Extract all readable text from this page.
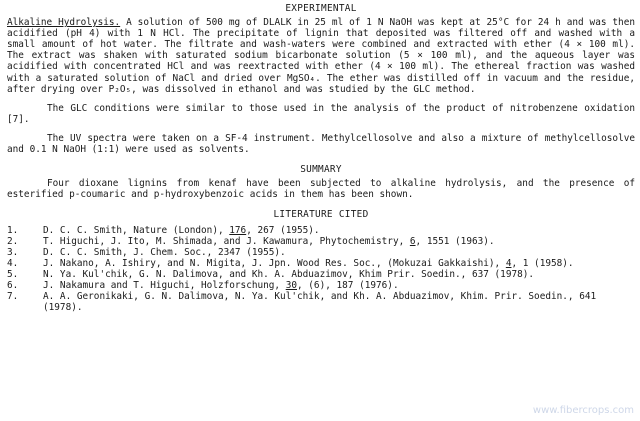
EXPERIMENTAL

Alkaline Hydrolysis. A solution of 500 mg of DLALK in 25 ml of 1 N NaOH was kept at 25°C for 24 h and was then acidified (pH 4) with 1 N HCl. The precipitate of lignin that deposited was filtered off and washed with a small amount of hot water. The filtrate and wash-waters were combined and extracted with ether (4 × 100 ml). The extract was shaken with saturated sodium bicarbonate solution (5 × 100 ml), and the aqueous layer was acidified with concentrated HCl and was reextracted with ether (4 × 100 ml). The ethereal fraction was washed with a saturated solution of NaCl and dried over MgSO₄. The ether was distilled off in vacuum and the residue, after drying over P₂O₅, was dissolved in ethanol and was studied by the GLC method.

The GLC conditions were similar to those used in the analysis of the product of nitrobenzene oxidation [7].

The UV spectra were taken on a SF-4 instrument. Methylcellosolve and also a mixture of methylcellosolve and 0.1 N NaOH (1:1) were used as solvents.

SUMMARY

Four dioxane lignins from kenaf have been subjected to alkaline hydrolysis, and the presence of esterified p-coumaric and p-hydroxybenzoic acids in them has been shown.

LITERATURE CITED
1.	D. C. C. Smith, Nature (London), 176, 267 (1955).
2.	T. Higuchi, J. Ito, M. Shimada, and J. Kawamura, Phytochemistry, 6, 1551 (1963).
3.	D. C. C. Smith, J. Chem. Soc., 2347 (1955).
4.	J. Nakano, A. Ishiry, and N. Migita, J. Jpn. Wood Res. Soc., (Mokuzai Gakkaishi), 4, 1 (1958).
5.	N. Ya. Kul'chik, G. N. Dalimova, and Kh. A. Abduazimov, Khim Prir. Soedin., 637 (1978).
6.	J. Nakamura and T. Higuchi, Holzforschung, 30, (6), 187 (1976).
7.	A. A. Geronikaki, G. N. Dalimova, N. Ya. Kul'chik, and Kh. A. Abduazimov, Khim. Prir. Soedin., 641 (1978).
www.fibercrops.com
